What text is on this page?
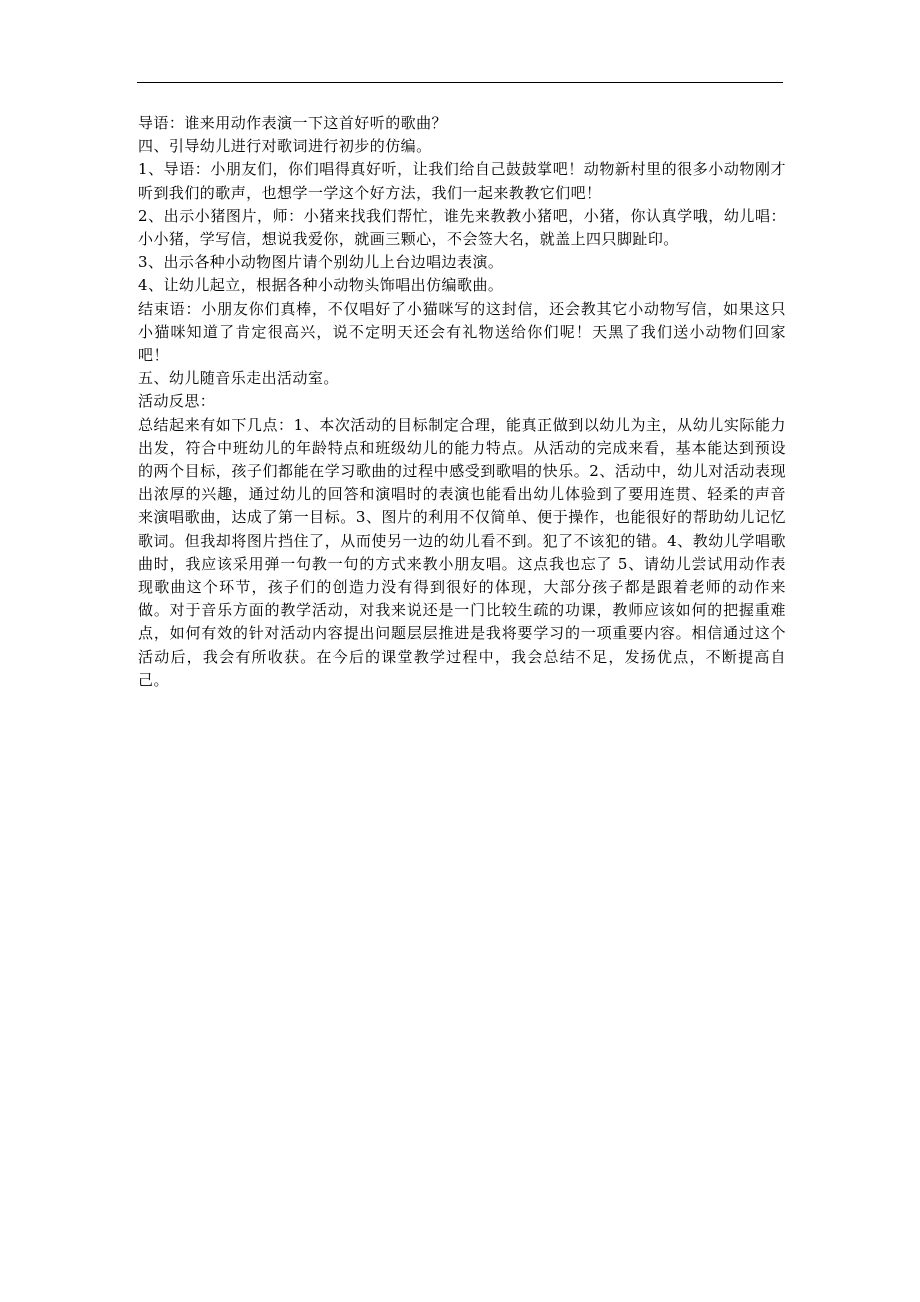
导语：谁来用动作表演一下这首好听的歌曲？

四、引导幼儿进行对歌词进行初步的仿编。

1、导语：小朋友们，你们唱得真好听，让我们给自己鼓鼓掌吧！动物新村里的很多小动物刚才听到我们的歌声，也想学一学这个好方法，我们一起来教教它们吧！

2、出示小猪图片，师：小猪来找我们帮忙，谁先来教教小猪吧，小猪，你认真学哦，幼儿唱：小小猪，学写信，想说我爱你，就画三颗心，不会签大名，就盖上四只脚趾印。

3、出示各种小动物图片请个别幼儿上台边唱边表演。

4、让幼儿起立，根据各种小动物头饰唱出仿编歌曲。

结束语：小朋友你们真棒，不仅唱好了小猫咪写的这封信，还会教其它小动物写信，如果这只小猫咪知道了肯定很高兴，说不定明天还会有礼物送给你们呢！天黑了我们送小动物们回家吧！

五、幼儿随音乐走出活动室。

活动反思：

总结起来有如下几点：1、本次活动的目标制定合理，能真正做到以幼儿为主，从幼儿实际能力出发，符合中班幼儿的年龄特点和班级幼儿的能力特点。从活动的完成来看，基本能达到预设的两个目标，孩子们都能在学习歌曲的过程中感受到歌唱的快乐。2、活动中，幼儿对活动表现出浓厚的兴趣，通过幼儿的回答和演唱时的表演也能看出幼儿体验到了要用连贯、轻柔的声音来演唱歌曲，达成了第一目标。3、图片的利用不仅简单、便于操作，也能很好的帮助幼儿记忆歌词。但我却将图片挡住了，从而使另一边的幼儿看不到。犯了不该犯的错。4、教幼儿学唱歌曲时，我应该采用弹一句教一句的方式来教小朋友唱。这点我也忘了 5、请幼儿尝试用动作表现歌曲这个环节，孩子们的创造力没有得到很好的体现，大部分孩子都是跟着老师的动作来做。对于音乐方面的教学活动，对我来说还是一门比较生疏的功课，教师应该如何的把握重难点，如何有效的针对活动内容提出问题层层推进是我将要学习的一项重要内容。相信通过这个活动后，我会有所收获。在今后的课堂教学过程中，我会总结不足，发扬优点，不断提高自己。
